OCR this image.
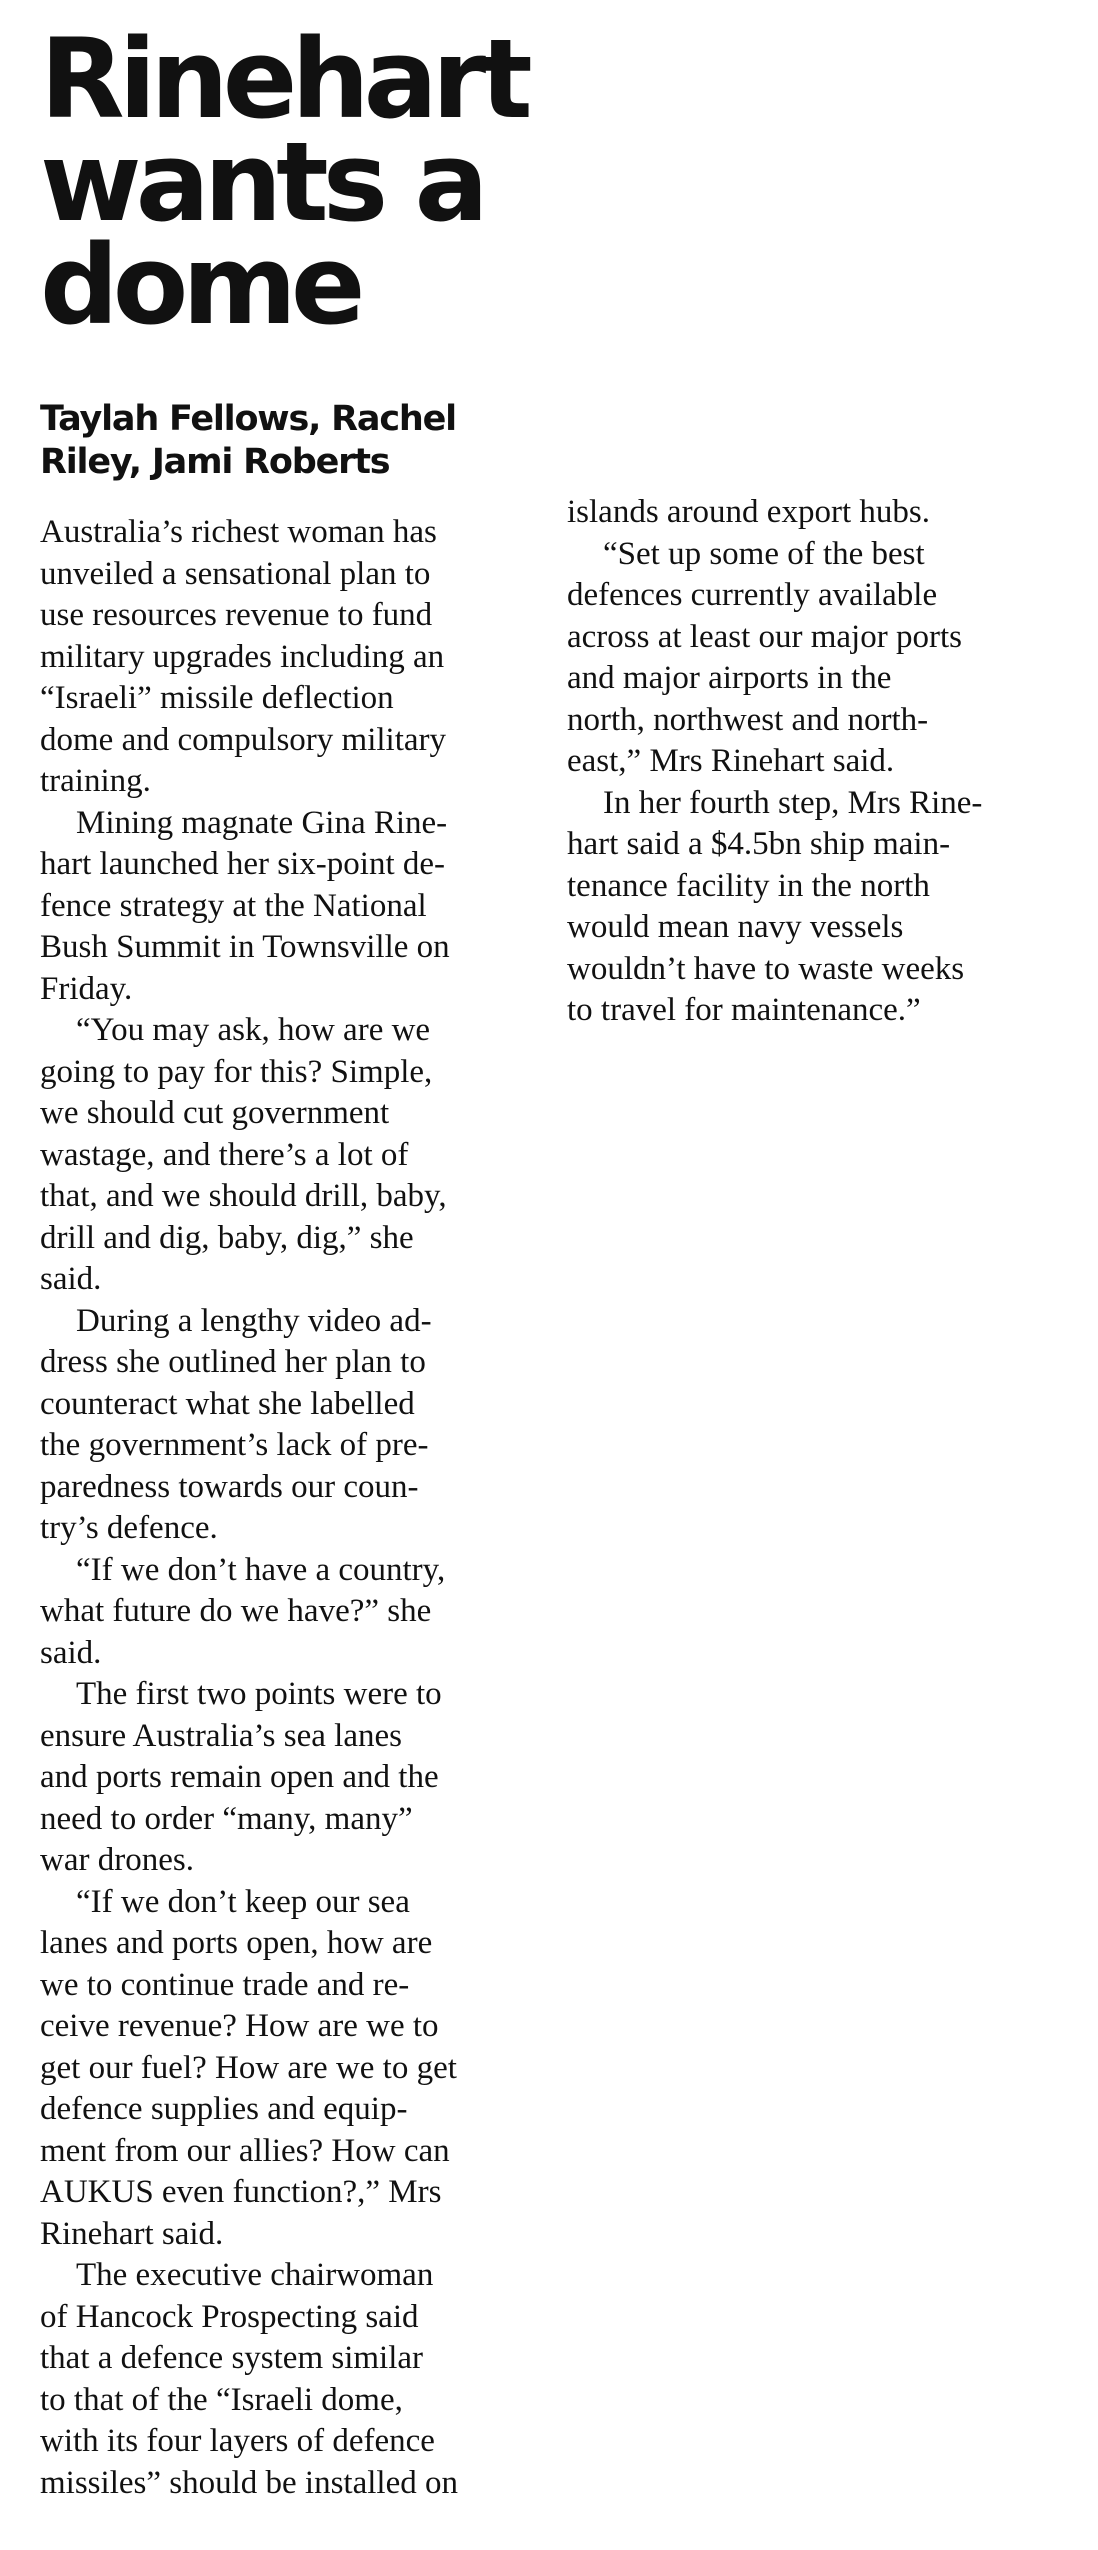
Rinehart
wants a
dome
Taylah Fellows, Rachel
Riley, Jami Roberts

Australia’s richest woman has
unveiled a sensational plan to
use resources revenue to fund
military upgrades including an
“Israeli” missile deflection
dome and compulsory military
training.

Mining magnate Gina Rine-
hart launched her six-point de-
fence strategy at the National
Bush Summit in Townsville on
Friday.

“You may ask, how are we
going to pay for this? Simple,
we should cut government
wastage, and there’s a lot of
that, and we should drill, baby,
drill and dig, baby, dig,” she
said.

During a lengthy video ad-
dress she outlined her plan to
counteract what she labelled
the government’s lack of pre-
paredness towards our coun-
try’s defence.

“If we don’t have a country,
what future do we have?” she
said.

The first two points were to
ensure Australia’s sea lanes
and ports remain open and the
need to order “many, many”
war drones.

“If we don’t keep our sea
lanes and ports open, how are
we to continue trade and re-
ceive revenue? How are we to
get our fuel? How are we to get
defence supplies and equip-
ment from our allies? How can
AUKUS even function?,” Mrs
Rinehart said.

The executive chairwoman
of Hancock Prospecting said
that a defence system similar
to that of the “Israeli dome,
with its four layers of defence
missiles” should be installed on

islands around export hubs.

“Set up some of the best
defences currently available
across at least our major ports
and major airports in the
north, northwest and north-
east,” Mrs Rinehart said.

In her fourth step, Mrs Rine-
hart said a $4.5bn ship main-
tenance facility in the north
would mean navy vessels
wouldn’t have to waste weeks
to travel for maintenance.”
